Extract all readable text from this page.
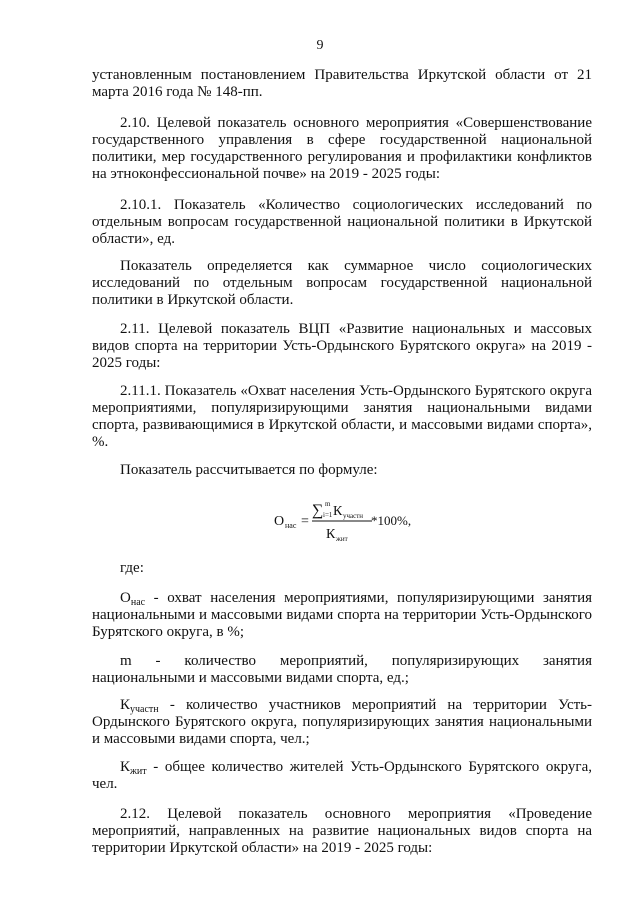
9

установленным постановлением Правительства Иркутской области от 21 марта 2016 года № 148-пп.

2.10. Целевой показатель основного мероприятия «Совершенствование государственного управления в сфере государственной национальной политики, мер государственного регулирования и профилактики конфликтов на этноконфессиональной почве» на 2019 - 2025 годы:

2.10.1. Показатель «Количество социологических исследований по отдельным вопросам государственной национальной политики в Иркутской области», ед.

Показатель определяется как суммарное число социологических исследований по отдельным вопросам государственной национальной политики в Иркутской области.

2.11. Целевой показатель ВЦП «Развитие национальных и массовых видов спорта на территории Усть-Ордынского Бурятского округа» на 2019 - 2025 годы:

2.11.1. Показатель «Охват населения Усть-Ордынского Бурятского округа мероприятиями, популяризирующими занятия национальными видами спорта, развивающимися в Иркутской области, и массовыми видами спорта», %.

Показатель рассчитывается по формуле:

О нас =
∑ m
i=1 К участн
К жит
*100%,

где:

$О_{нас}$ - охват населения мероприятиями, популяризирующими занятия национальными и массовыми видами спорта на территории Усть-Ордынского Бурятского округа, в %;

m - количество мероприятий, популяризирующих занятия
национальными и массовыми видами спорта, ед.;

$К_{участн}$ - количество участников мероприятий на территории Усть-Ордынского Бурятского округа, популяризирующих занятия национальными и массовыми видами спорта, чел.;

$К_{жит}$ - общее количество жителей Усть-Ордынского Бурятского округа, чел.

2.12. Целевой показатель основного мероприятия «Проведение мероприятий, направленных на развитие национальных видов спорта на территории Иркутской области» на 2019 - 2025 годы:
